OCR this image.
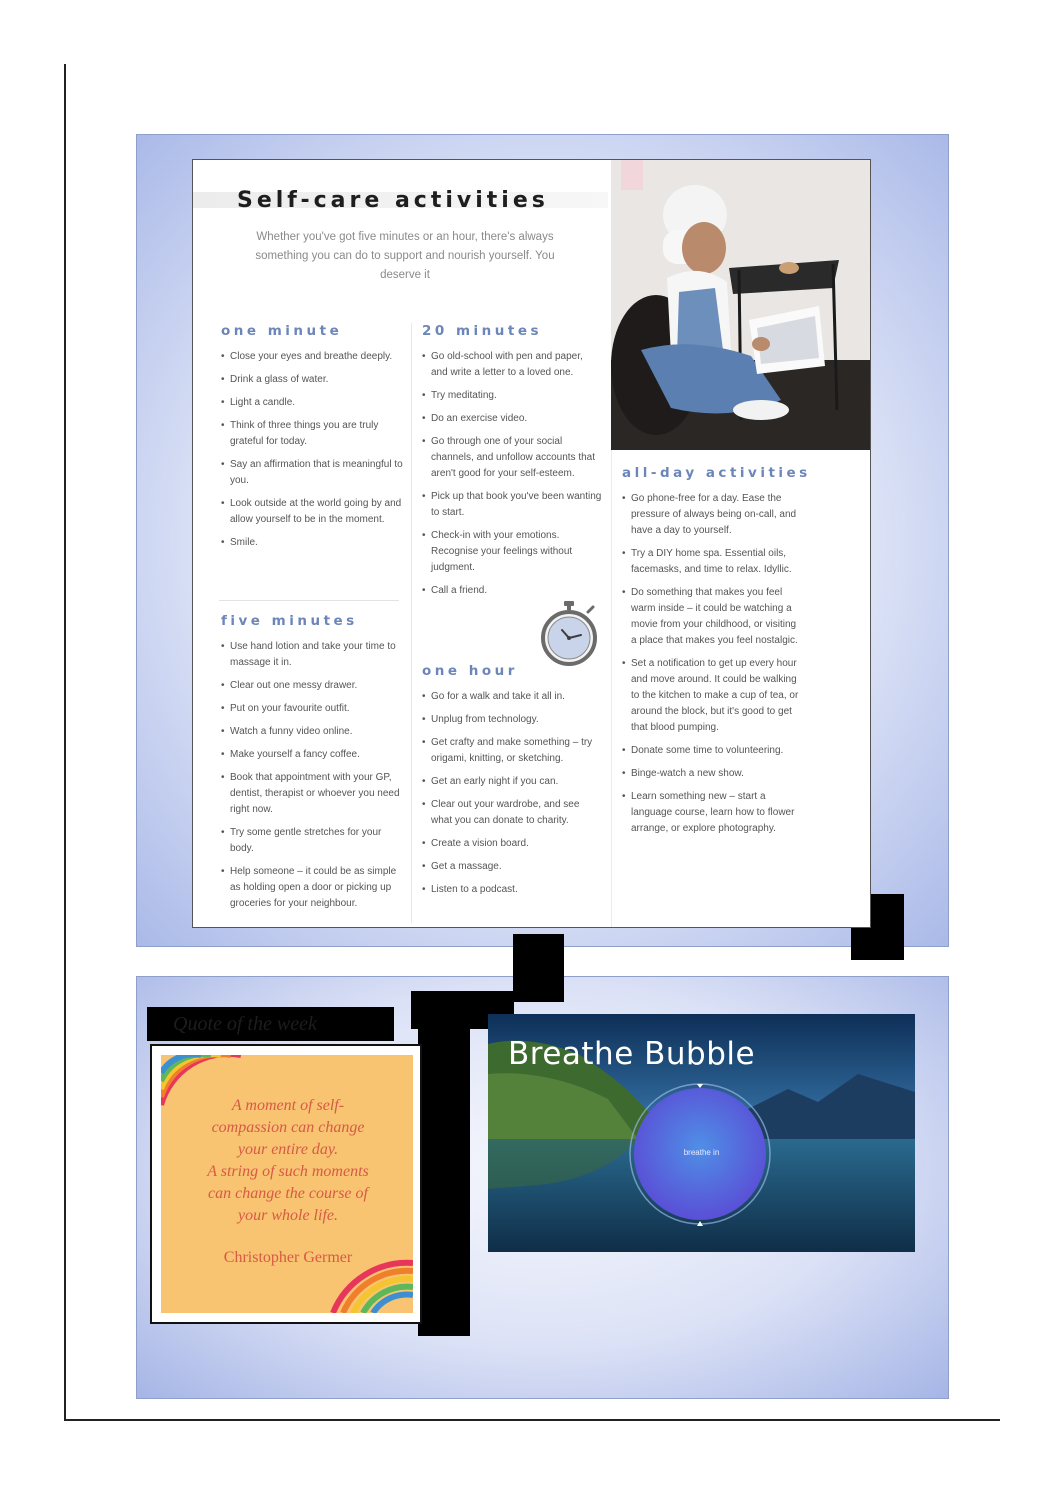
Self-care activities
Whether you've got five minutes or an hour, there's always something you can do to support and nourish yourself. You deserve it
one minute
• Close your eyes and breathe deeply.
• Drink a glass of water.
• Light a candle.
• Think of three things you are truly grateful for today.
• Say an affirmation that is meaningful to you.
• Look outside at the world going by and allow yourself to be in the moment.
• Smile.
five minutes
• Use hand lotion and take your time to massage it in.
• Clear out one messy drawer.
• Put on your favourite outfit.
• Watch a funny video online.
• Make yourself a fancy coffee.
• Book that appointment with your GP, dentist, therapist or whoever you need right now.
• Try some gentle stretches for your body.
• Help someone – it could be as simple as holding open a door or picking up groceries for your neighbour.
20 minutes
• Go old-school with pen and paper, and write a letter to a loved one.
• Try meditating.
• Do an exercise video.
• Go through one of your social channels, and unfollow accounts that aren't good for your self-esteem.
• Pick up that book you've been wanting to start.
• Check-in with your emotions. Recognise your feelings without judgment.
• Call a friend.
one hour
• Go for a walk and take it all in.
• Unplug from technology.
• Get crafty and make something – try origami, knitting, or sketching.
• Get an early night if you can.
• Clear out your wardrobe, and see what you can donate to charity.
• Create a vision board.
• Get a massage.
• Listen to a podcast.
all-day activities
• Go phone-free for a day. Ease the pressure of always being on-call, and have a day to yourself.
• Try a DIY home spa. Essential oils, facemasks, and time to relax. Idyllic.
• Do something that makes you feel warm inside – it could be watching a movie from your childhood, or visiting a place that makes you feel nostalgic.
• Set a notification to get up every hour and move around. It could be walking to the kitchen to make a cup of tea, or around the block, but it's good to get that blood pumping.
• Donate some time to volunteering.
• Binge-watch a new show.
• Learn something new – start a language course, learn how to flower arrange, or explore photography.
Quote of the week
A moment of self-
compassion can change
your entire day.
A string of such moments
can change the course of
your whole life.
Christopher Germer
Breathe Bubble
breathe in
